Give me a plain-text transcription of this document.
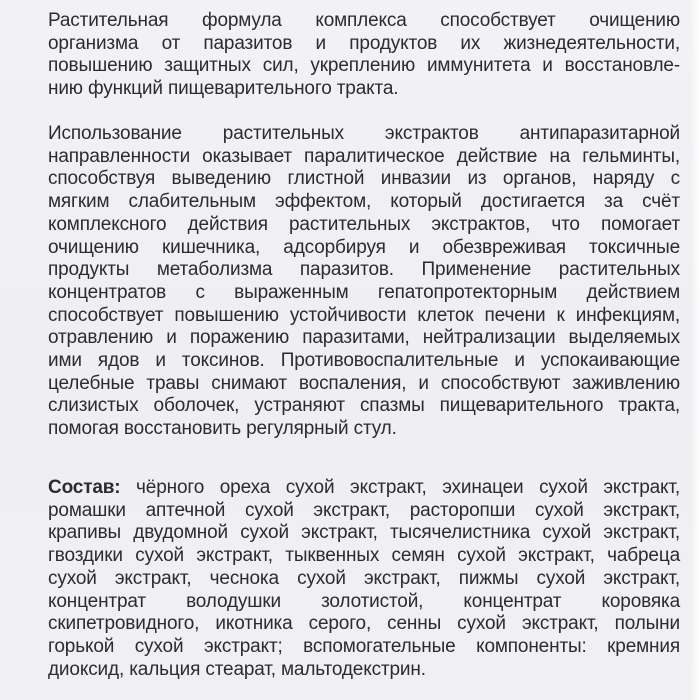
Растительная формула комплекса способствует очищению
организма от паразитов и продуктов их жизнедеятельности,
повышению защитных сил, укреплению иммунитета и восстановле-
нию функций пищеварительного тракта.
Использование растительных экстрактов антипаразитарной
направленности оказывает паралитическое действие на гельминты,
способствуя выведению глистной инвазии из органов, наряду с
мягким слабительным эффектом, который достигается за счёт
комплексного действия растительных экстрактов, что помогает
очищению кишечника, адсорбируя и обезвреживая токсичные
продукты метаболизма паразитов. Применение растительных
концентратов с выраженным гепатопротекторным действием
способствует повышению устойчивости клеток печени к инфекциям,
отравлению и поражению паразитами, нейтрализации выделяемых
ими ядов и токсинов. Противовоспалительные и успокаивающие
целебные травы снимают воспаления, и способствуют заживлению
слизистых оболочек, устраняют спазмы пищеварительного тракта,
помогая восстановить регулярный стул.
Состав: чёрного ореха сухой экстракт, эхинацеи сухой экстракт,
ромашки аптечной сухой экстракт, расторопши сухой экстракт,
крапивы двудомной сухой экстракт, тысячелистника сухой экстракт,
гвоздики сухой экстракт, тыквенных семян сухой экстракт, чабреца
сухой экстракт, чеснока сухой экстракт, пижмы сухой экстракт,
концентрат володушки золотистой, концентрат коровяка
скипетровидного, икотника серого, сенны сухой экстракт, полыни
горькой сухой экстракт; вспомогательные компоненты: кремния
диоксид, кальция стеарат, мальтодекстрин.
